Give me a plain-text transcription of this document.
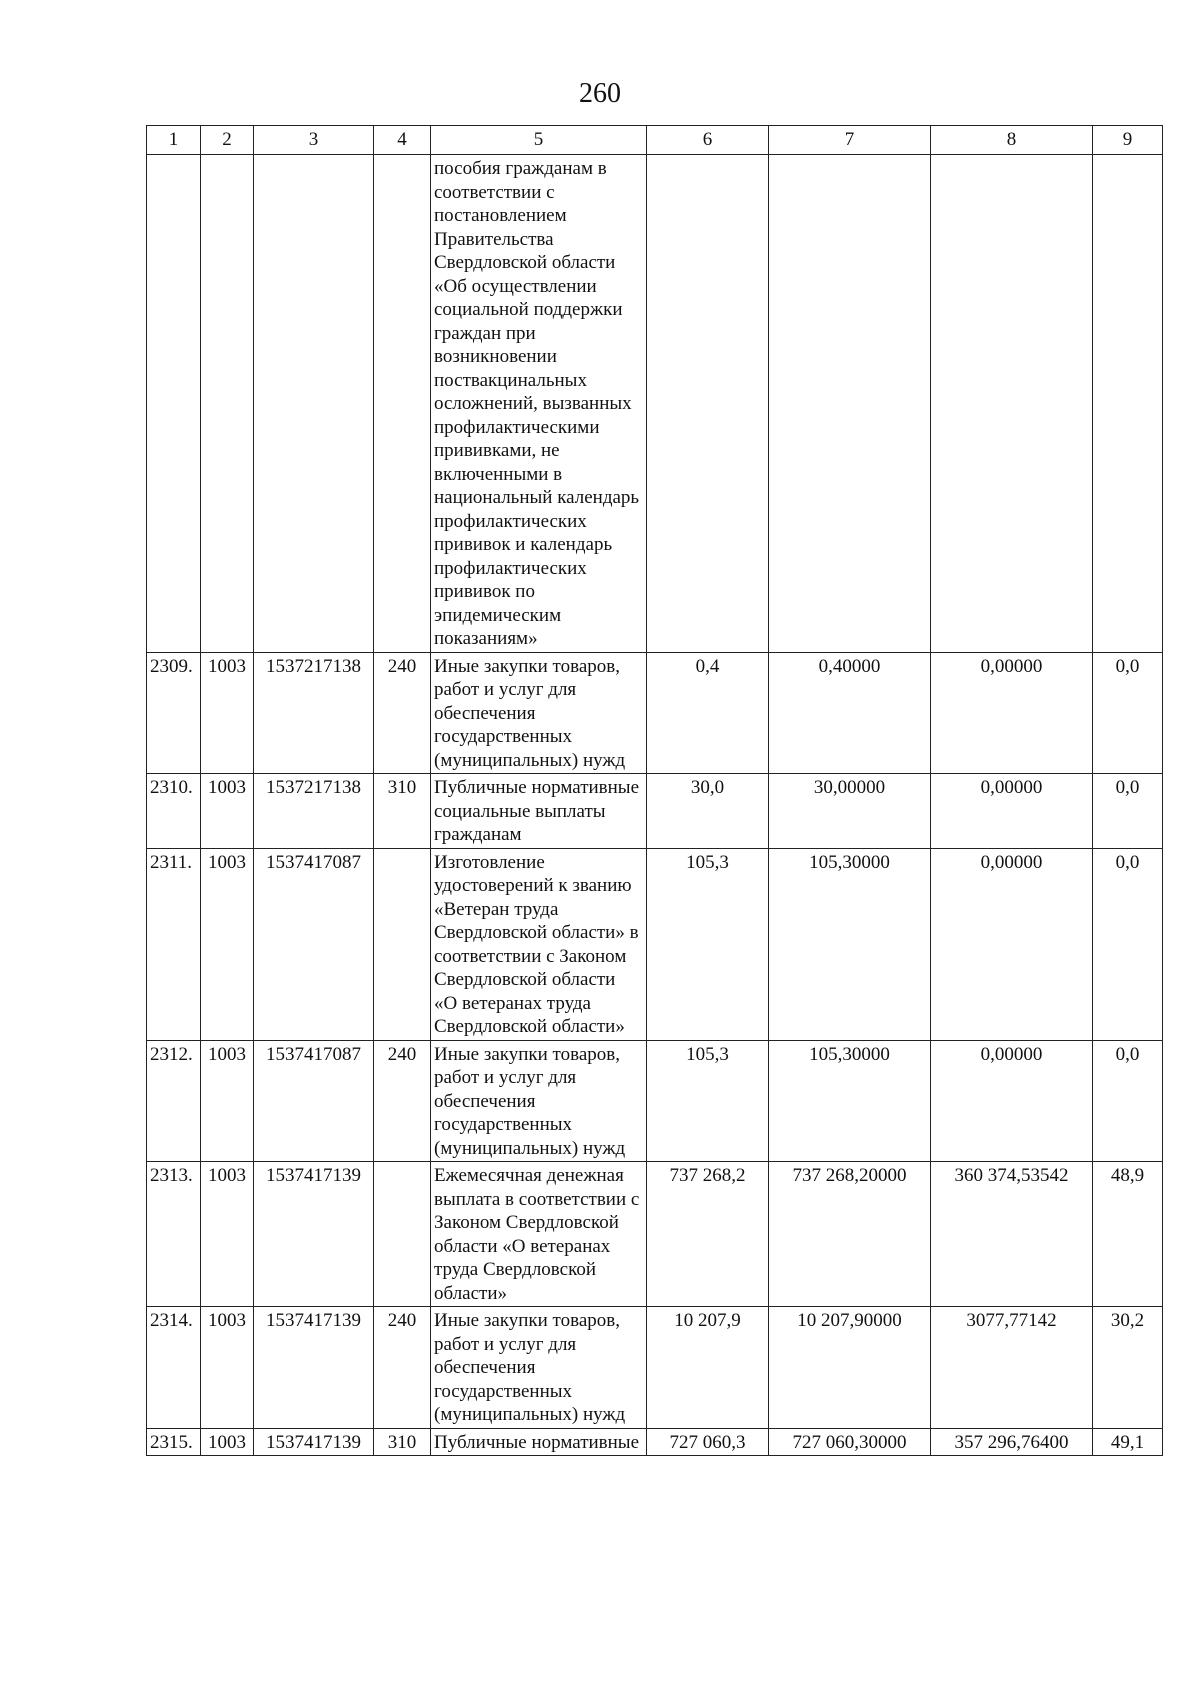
260
1	2	3	4	5	6	7	8	9
				пособия гражданам в соответствии с постановлением Правительства Свердловской области «Об осуществлении социальной поддержки граждан при возникновении поствакцинальных осложнений, вызванных профилактическими прививками, не включенными в национальный календарь профилактических прививок и календарь профилактических прививок по эпидемическим показаниям»				
2309.	1003	1537217138	240	Иные закупки товаров, работ и услуг для обеспечения государственных (муниципальных) нужд	0,4	0,40000	0,00000	0,0
2310.	1003	1537217138	310	Публичные нормативные социальные выплаты гражданам	30,0	30,00000	0,00000	0,0
2311.	1003	1537417087		Изготовление удостоверений к званию «Ветеран труда Свердловской области» в соответствии с Законом Свердловской области «О ветеранах труда Свердловской области»	105,3	105,30000	0,00000	0,0
2312.	1003	1537417087	240	Иные закупки товаров, работ и услуг для обеспечения государственных (муниципальных) нужд	105,3	105,30000	0,00000	0,0
2313.	1003	1537417139		Ежемесячная денежная выплата в соответствии с Законом Свердловской области «О ветеранах труда Свердловской области»	737 268,2	737 268,20000	360 374,53542	48,9
2314.	1003	1537417139	240	Иные закупки товаров, работ и услуг для обеспечения государственных (муниципальных) нужд	10 207,9	10 207,90000	3077,77142	30,2
2315.	1003	1537417139	310	Публичные нормативные	727 060,3	727 060,30000	357 296,76400	49,1
